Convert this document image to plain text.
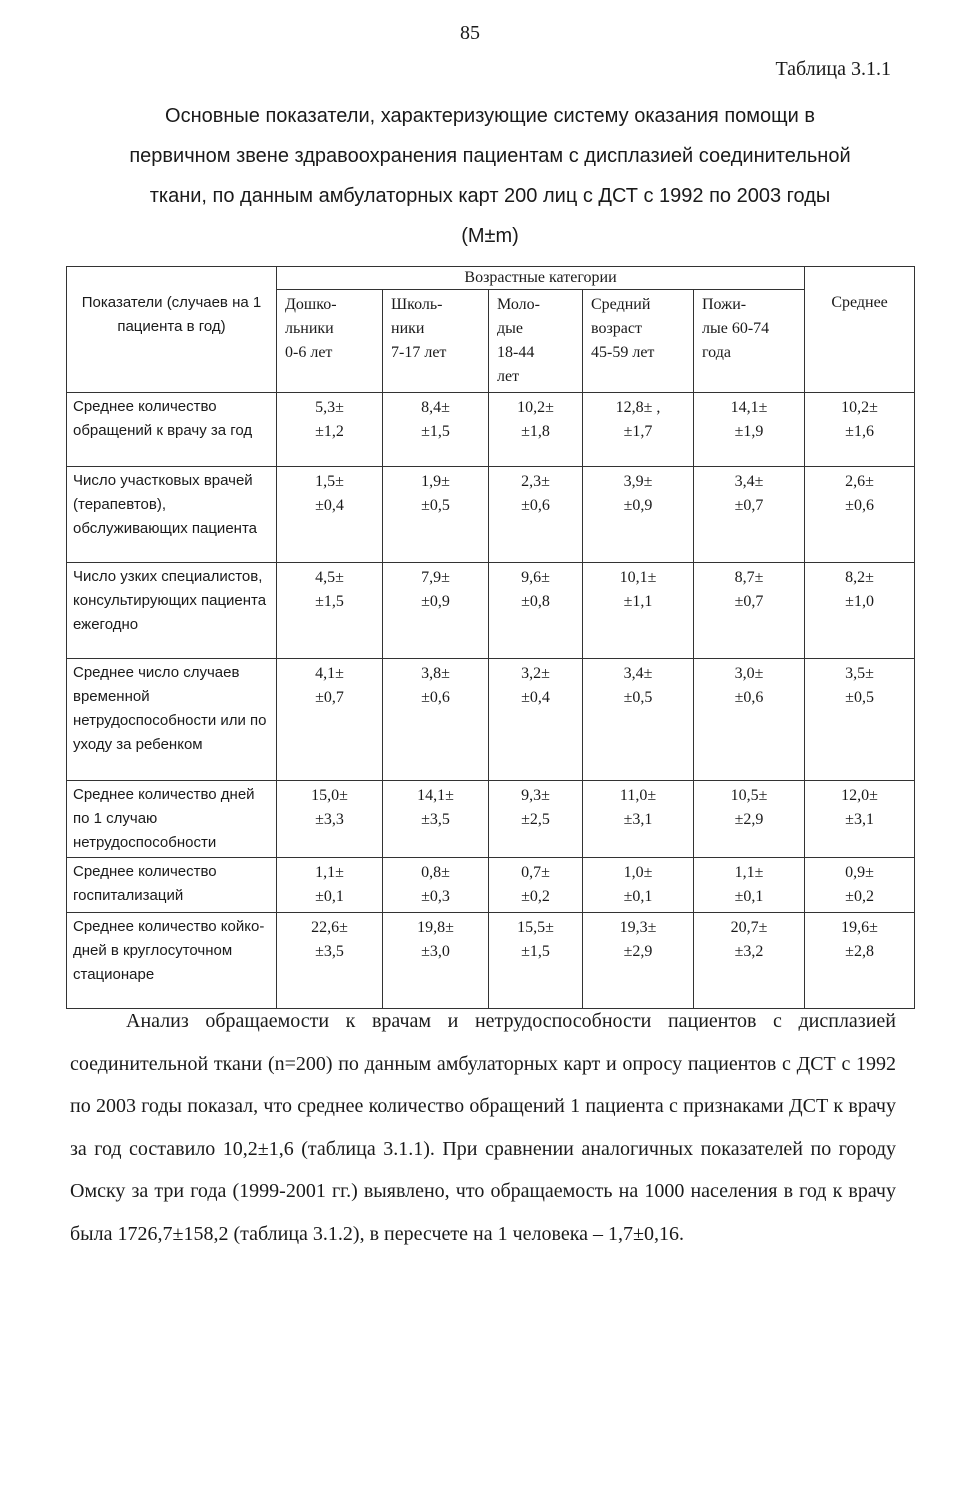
85
Таблица 3.1.1
Основные показатели, характеризующие систему оказания помощи в
первичном звене здравоохранения пациентам с дисплазией соединительной
ткани, по данным амбулаторных карт 200 лиц с ДСТ с 1992 по 2003 годы
(M±m)
Показатели (случаев на 1 пациента в год)	Возрастные категории					Среднее
	Дошко-
льники
0-6 лет	Школь-
ники
7-17 лет	Моло-
дые
18-44
лет	Средний
возраст
45-59 лет	Пожи-
лые 60-74
года	
Среднее количество обращений к врачу за год	5,3±
±1,2	8,4±
±1,5	10,2±
±1,8	12,8± ,
±1,7	14,1±
±1,9	10,2±
±1,6

Число участковых врачей (терапевтов), обслуживающих пациента	1,5±
±0,4	1,9±
±0,5	2,3±
±0,6	3,9±
±0,9	3,4±
±0,7	2,6±
±0,6

Число узких специалистов, консультирующих пациента ежегодно	4,5±
±1,5	7,9±
±0,9	9,6±
±0,8	10,1±
±1,1	8,7±
±0,7	8,2±
±1,0

Среднее число случаев временной нетрудоспособности или по уходу за ребенком	4,1±
±0,7	3,8±
±0,6	3,2±
±0,4	3,4±
±0,5	3,0±
±0,6	3,5±
±0,5

Среднее количество дней по 1 случаю нетрудоспособности	15,0±
±3,3	14,1±
±3,5	9,3±
±2,5	11,0±
±3,1	10,5±
±2,9	12,0±
±3,1

Среднее количество госпитализаций	1,1±
±0,1	0,8±
±0,3	0,7±
±0,2	1,0±
±0,1	1,1±
±0,1	0,9±
±0,2

Среднее количество койко-дней в круглосуточном стационаре	22,6±
±3,5	19,8±
±3,0	15,5±
±1,5	19,3±
±2,9	20,7±
±3,2	19,6±
±2,8
Анализ обращаемости к врачам и нетрудоспособности пациентов с дисплазией соединительной ткани (n=200) по данным амбулаторных карт и опросу пациентов с ДСТ с 1992 по 2003 годы показал, что среднее количество обращений 1 пациента с признаками ДСТ к врачу за год составило 10,2±1,6 (таблица 3.1.1). При сравнении аналогичных показателей по городу Омску за три года (1999-2001 гг.) выявлено, что обращаемость на 1000 населения в год к врачу была 1726,7±158,2 (таблица 3.1.2), в пересчете на 1 человека – 1,7±0,16.
